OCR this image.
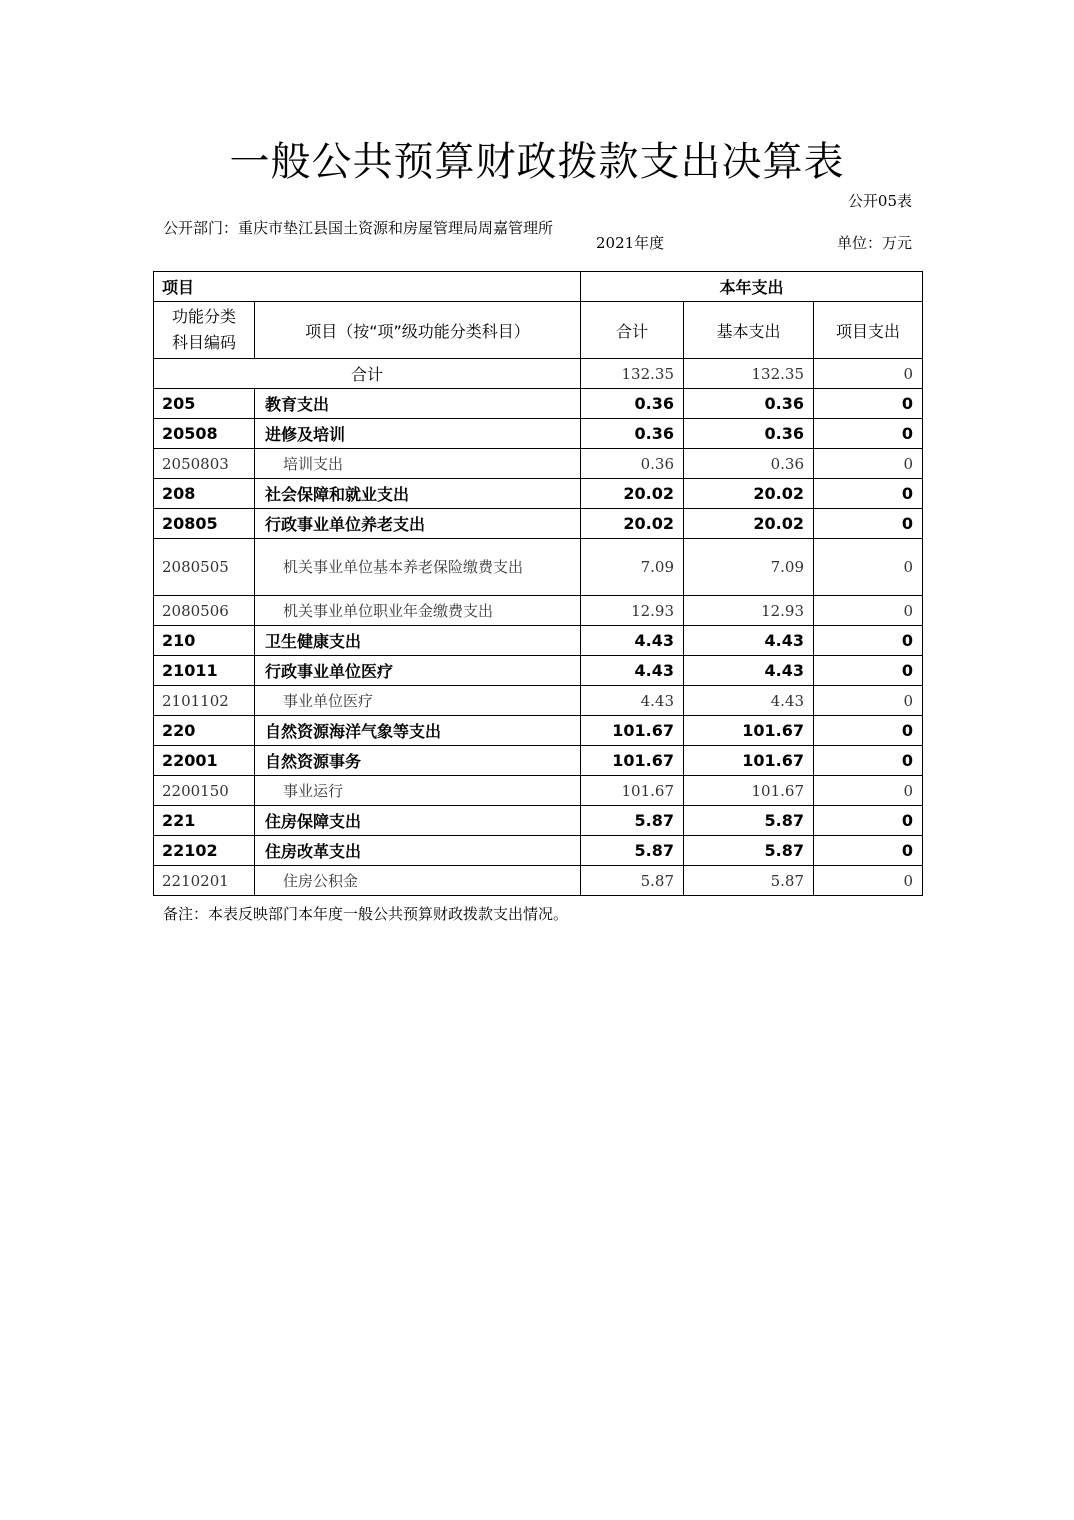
一般公共预算财政拨款支出决算表
公开05表
公开部门：重庆市垫江县国土资源和房屋管理局周嘉管理所
2021年度	单位：万元
项目		本年支出		
功能分类科目编码	项目（按“项”级功能分类科目）	合计	基本支出	项目支出
合计		132.35	132.35	0
205	教育支出	0.36	0.36	0
20508	进修及培训	0.36	0.36	0
2050803	培训支出	0.36	0.36	0
208	社会保障和就业支出	20.02	20.02	0
20805	行政事业单位养老支出	20.02	20.02	0
2080505	机关事业单位基本养老保险缴费支出	7.09	7.09	0
2080506	机关事业单位职业年金缴费支出	12.93	12.93	0
210	卫生健康支出	4.43	4.43	0
21011	行政事业单位医疗	4.43	4.43	0
2101102	事业单位医疗	4.43	4.43	0
220	自然资源海洋气象等支出	101.67	101.67	0
22001	自然资源事务	101.67	101.67	0
2200150	事业运行	101.67	101.67	0
221	住房保障支出	5.87	5.87	0
22102	住房改革支出	5.87	5.87	0
2210201	住房公积金	5.87	5.87	0
备注：本表反映部门本年度一般公共预算财政拨款支出情况。
